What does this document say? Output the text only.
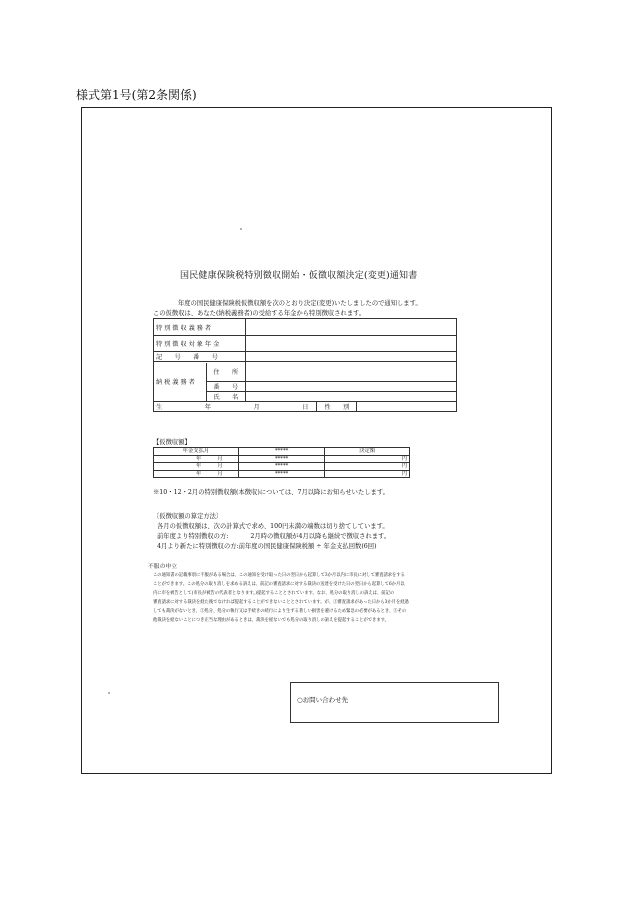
様式第1号(第2条関係)
国民健康保険税特別徴収開始・仮徴収額決定(変更)通知書
年度の国民健康保険税仮徴収額を次のとおり決定(変更)いたしましたので通知します。
この仮徴収は、あなた(納税義務者)の受給する年金から特別徴収されます。
特 別 徴 収 義 務 者			
特 別 徴 収 対 象 年 金			
記　　号　　番　　号			

納 税 義 務 者
住　　所
番　　号
氏　　名			

生 年 月 日		性　　別	
【仮徴収額】
年金支払月	*****	決定額
年 月	*****	円
年 月	*****	円
年 月	*****	円
※10・12・2月の特別徴収額(本徴収)については、7月以降にお知らせいたします。
〔仮徴収額の算定方法〕
各月の仮徴収額は、次の計算式で求め、100円未満の端数は切り捨てしています。
前年度より特別徴収の方:	2月時の徴収額が4月以降も継続で徴収されます。
4月より新たに特別徴収の方:前年度の国民健康保険税額 ÷ 年金支払回数(6回)
不服の申立
この通知書の記載事項に不服がある場合は、この通知を受け取った日の翌日から起算して3か月以内に市長に対して審査請求をする
ことができます。この処分の取り消しを求める訴えは、前記の審査請求に対する裁決の送達を受けた日の翌日から起算して6か月以
内に市を被告として(市長が被告の代表者となります。)提起することとされています。なお、処分の取り消しの訴えは、前記の
審査請求に対する裁決を経た後でなければ提起することができないこととされています。が、①審査請求があった日から3か月を経過
しても裁決がないとき、②処分、処分の執行又は手続きの続行により生ずる著しい損害を避けるため緊急の必要があるとき、③その
他裁決を経ないことにつき正当な理由があるときは、裁決を経ないでも処分の取り消しの訴えを提起することができます。
○お問い合わせ先
